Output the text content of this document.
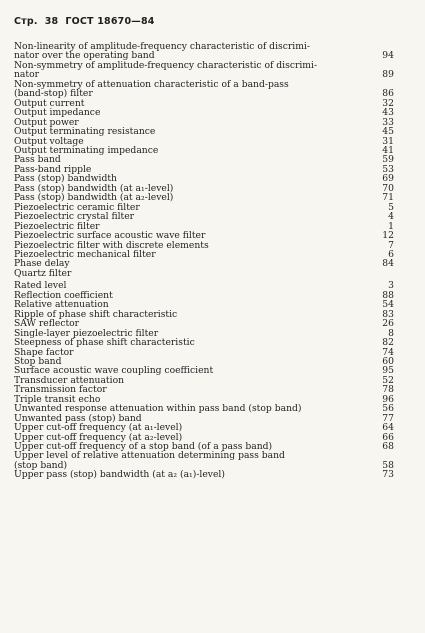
Стр. 38 ГОСТ 18670—84
Non-linearity of amplitude-frequency characteristic of discrimi-
nator over the operating band	94
Non-symmetry of amplitude-frequency characteristic of discrimi-
nator	89
Non-symmetry of attenuation characteristic of a band-pass
(band-stop) filter	86
Output current	32
Output impedance	43
Output power	33
Output terminating resistance	45
Output voltage	31
Output terminating impedance	41
Pass band	59
Pass-band ripple	53
Pass (stop) bandwidth	69
Pass (stop) bandwidth (at a₁-level)	70
Pass (stop) bandwidth (at a₂-level)	71
Piezoelectric ceramic filter	5
Piezoelectric crystal filter	4
Piezoelectric filter	1
Piezoelectric surface acoustic wave filter	12
Piezoelectric filter with discrete elements	7
Piezoelectric mechanical filter	6
Phase delay	84
Quartz filter
Rated level	3
Reflection coefficient	88
Relative attenuation	54
Ripple of phase shift characteristic	83
SAW reflector	26
Single-layer piezoelectric filter	8
Steepness of phase shift characteristic	82
Shape factor	74
Stop band	60
Surface acoustic wave coupling coefficient	95
Transducer attenuation	52
Transmission factor	78
Triple transit echo	96
Unwanted response attenuation within pass band (stop band)	56
Unwanted pass (stop) band	77
Upper cut-off frequency (at a₁-level)	64
Upper cut-off frequency (at a₂-level)	66
Upper cut-off frequency of a stop band (of a pass band)	68
Upper level of relative attenuation determining pass band
(stop band)	58
Upper pass (stop) bandwidth (at a₂ (a₁)-level)	73
